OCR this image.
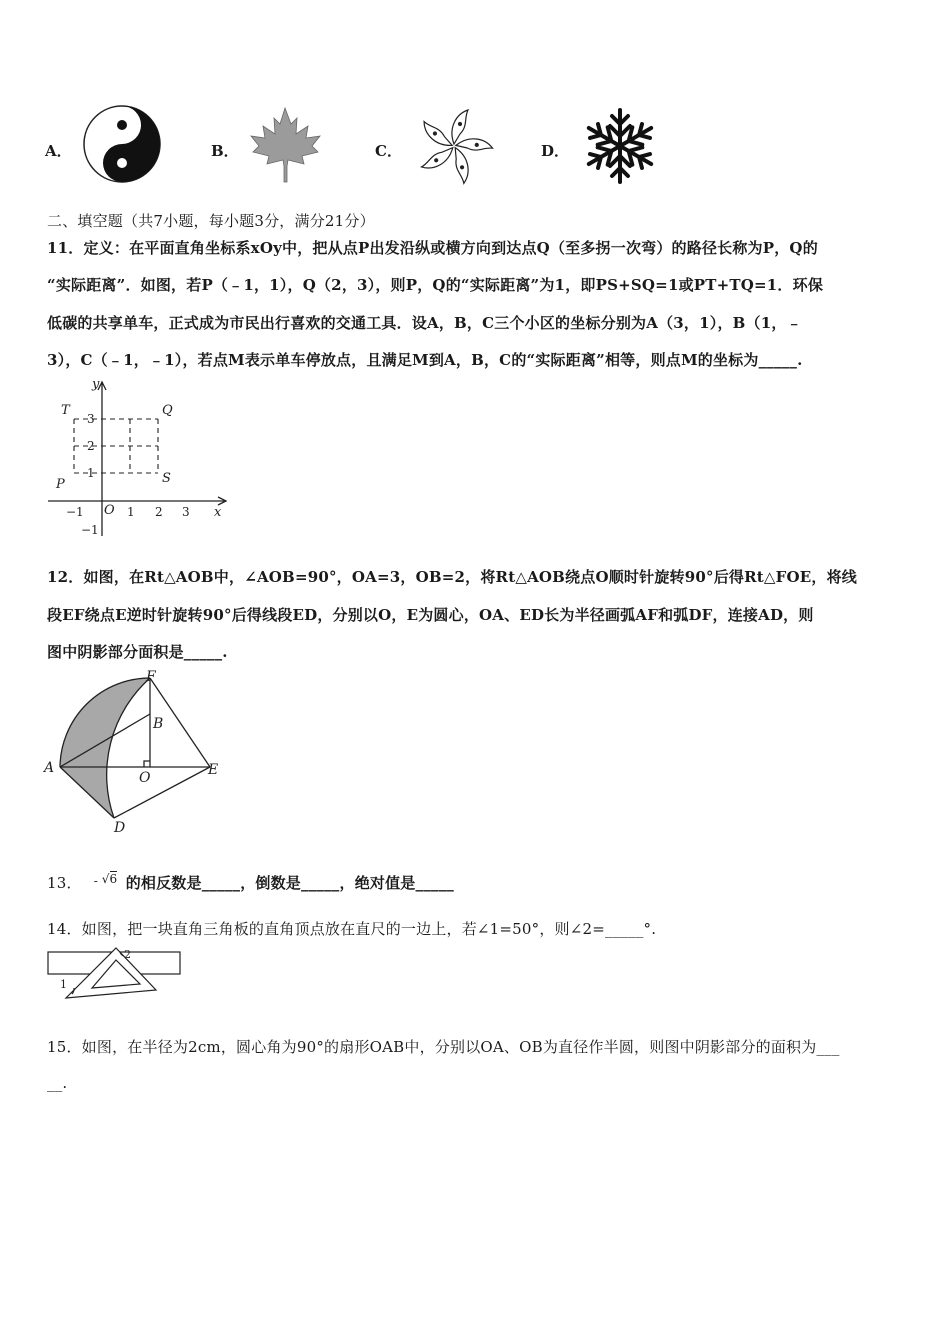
A．	B．	C．	D．
二、填空题（共7小题，每小题3分，满分21分）
11．定义：在平面直角坐标系xOy中，把从点P出发沿纵或横方向到达点Q（至多拐一次弯）的路径长称为P，Q的
“实际距离”．如图，若P（﹣1，1），Q（2，3），则P，Q的“实际距离”为1，即PS+SQ=1或PT+TQ=1．环保
低碳的共享单车，正式成为市民出行喜欢的交通工具．设A，B，C三个小区的坐标分别为A（3，1），B（1，﹣
3），C（﹣1，﹣1），若点M表示单车停放点，且满足M到A，B，C的“实际距离”相等，则点M的坐标为_____.
y
x
O
T	Q
P	S
3
2
1
−1
−1	1 2 3
12．如图，在Rt△AOB中，∠AOB=90°，OA=3，OB=2，将Rt△AOB绕点O顺时针旋转90°后得Rt△FOE，将线
段EF绕点E逆时针旋转90°后得线段ED，分别以O，E为圆心，OA、ED长为半径画弧AF和弧DF，连接AD，则
图中阴影部分面积是_____.
A
B
O	E
F
D
13． - √6 的相反数是_____，倒数是_____，绝对值是_____
14．如图，把一块直角三角板的直角顶点放在直尺的一边上，若∠1=50°，则∠2=_____°.
2
1
15．如图，在半径为2cm，圆心角为90°的扇形OAB中，分别以OA、OB为直径作半圆，则图中阴影部分的面积为___
__.
